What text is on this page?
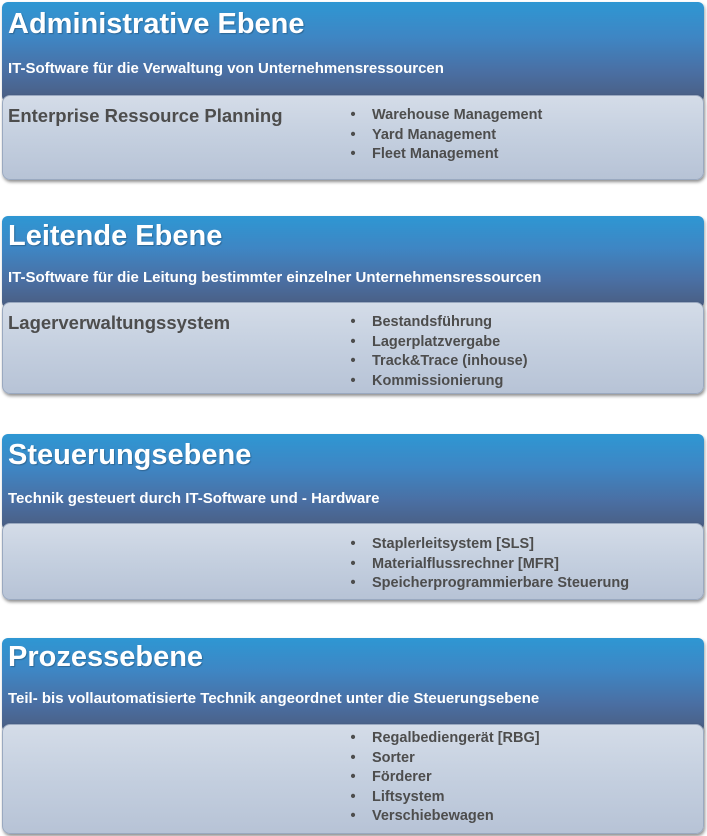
Administrative Ebene
IT-Software für die Verwaltung von Unternehmensressourcen
Enterprise Ressource Planning	• Warehouse Management
• Yard Management
• Fleet Management
Leitende Ebene
IT-Software für die Leitung bestimmter einzelner Unternehmensressourcen
Lagerverwaltungssystem	• Bestandsführung
• Lagerplatzvergabe
• Track&Trace (inhouse)
• Kommissionierung
Steuerungsebene
Technik gesteuert durch IT-Software und - Hardware
• Staplerleitsystem [SLS]
• Materialflussrechner [MFR]
• Speicherprogrammierbare Steuerung
Prozessebene
Teil- bis vollautomatisierte Technik angeordnet unter die Steuerungsebene
• Regalbediengerät [RBG]
• Sorter
• Förderer
• Liftsystem
• Verschiebewagen
